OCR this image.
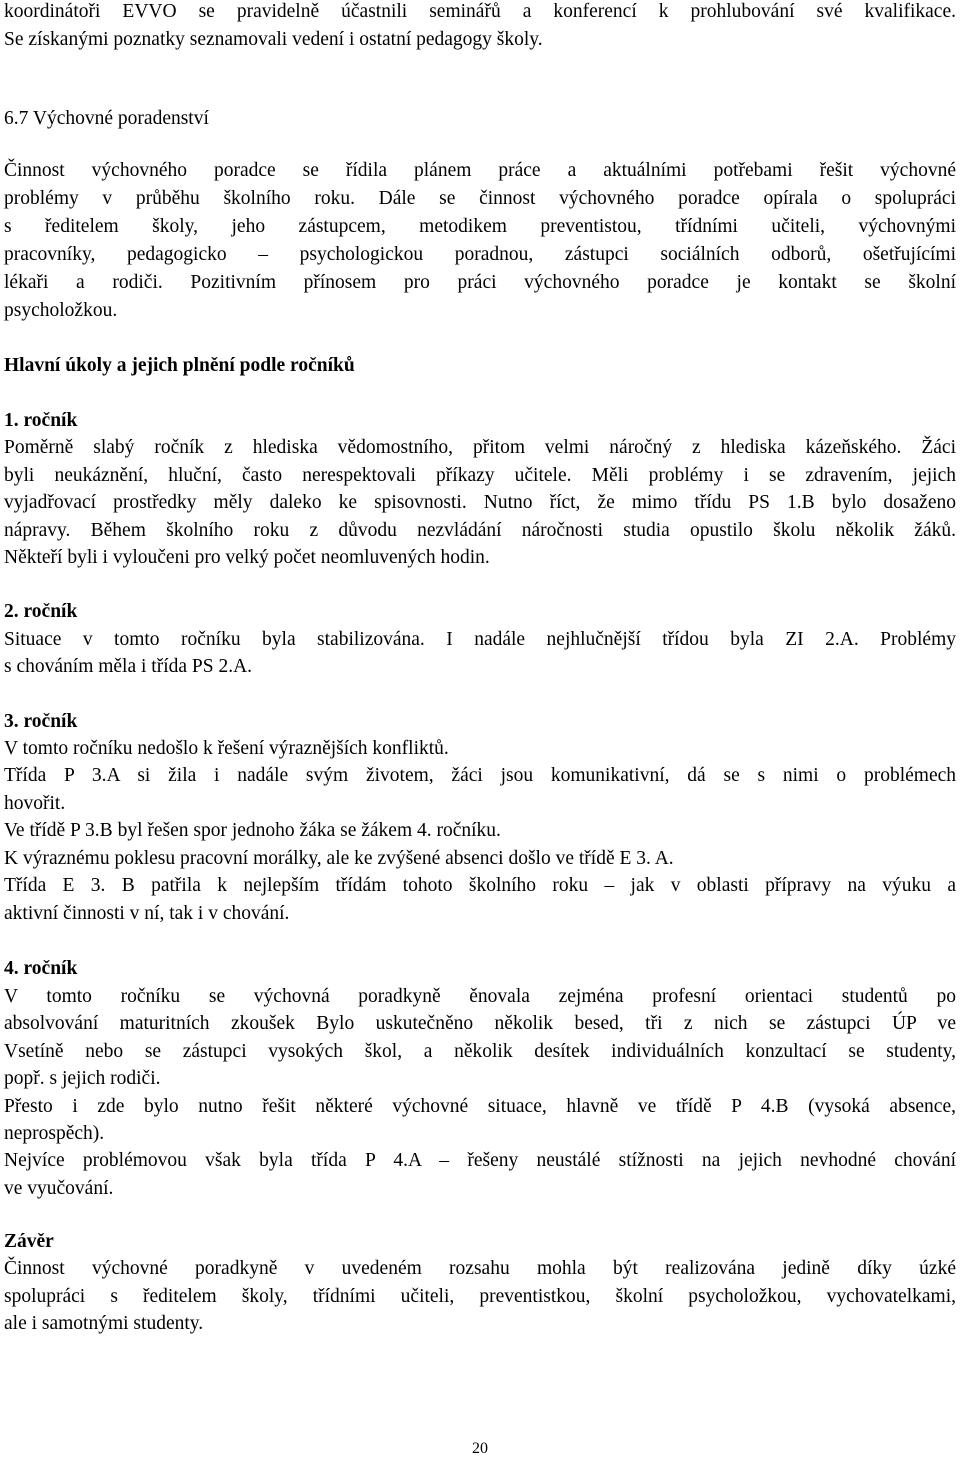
koordinátoři EVVO se pravidelně účastnili seminářů a konferencí k prohlubování své kvalifikace.
Se získanými poznatky seznamovali vedení i ostatní pedagogy školy.
6.7 Výchovné poradenství
Činnost výchovného poradce se řídila plánem práce a aktuálními potřebami řešit výchovné
problémy v průběhu školního roku. Dále se činnost výchovného poradce opírala o spolupráci
s ředitelem školy, jeho zástupcem, metodikem preventistou, třídními učiteli, výchovnými
pracovníky, pedagogicko – psychologickou poradnou, zástupci sociálních odborů, ošetřujícími
lékaři a rodiči. Pozitivním přínosem pro práci výchovného poradce je kontakt se školní
psycholožkou.
Hlavní úkoly a jejich plnění podle ročníků
1. ročník
Poměrně slabý ročník z hlediska vědomostního, přitom velmi náročný z hlediska kázeňského. Žáci
byli neukáznění, hluční, často nerespektovali příkazy učitele. Měli problémy i se zdravením, jejich
vyjadřovací prostředky měly daleko ke spisovnosti. Nutno říct, že mimo třídu PS 1.B bylo dosaženo
nápravy. Během školního roku z důvodu nezvládání náročnosti studia opustilo školu několik žáků.
Někteří byli i vyloučeni pro velký počet neomluvených hodin.
2. ročník
Situace v tomto ročníku byla stabilizována. I nadále nejhlučnější třídou byla ZI 2.A. Problémy
s chováním měla i třída PS 2.A.
3. ročník
V tomto ročníku nedošlo k řešení výraznějších konfliktů.
Třída P 3.A si žila i nadále svým životem, žáci jsou komunikativní, dá se s nimi o problémech
hovořit.
Ve třídě P 3.B byl řešen spor jednoho žáka se žákem 4. ročníku.
K výraznému poklesu pracovní morálky, ale ke zvýšené absenci došlo ve třídě E 3. A.
Třída E 3. B patřila k nejlepším třídám tohoto školního roku – jak v oblasti přípravy na výuku a
aktivní činnosti v ní, tak i v chování.
4. ročník
V tomto ročníku se výchovná poradkyně ěnovala zejména profesní orientaci studentů po
absolvování maturitních zkoušek Bylo uskutečněno několik besed, tři z nich se zástupci ÚP ve
Vsetíně nebo se zástupci vysokých škol, a několik desítek individuálních konzultací se studenty,
popř. s jejich rodiči.
Přesto i zde bylo nutno řešit některé výchovné situace, hlavně ve třídě P 4.B (vysoká absence,
neprospěch).
Nejvíce problémovou však byla třída P 4.A – řešeny neustálé stížnosti na jejich nevhodné chování
ve vyučování.
Závěr
Činnost výchovné poradkyně v uvedeném rozsahu mohla být realizována jedině díky úzké
spolupráci s ředitelem školy, třídními učiteli, preventistkou, školní psycholožkou, vychovatelkami,
ale i samotnými studenty.
20
